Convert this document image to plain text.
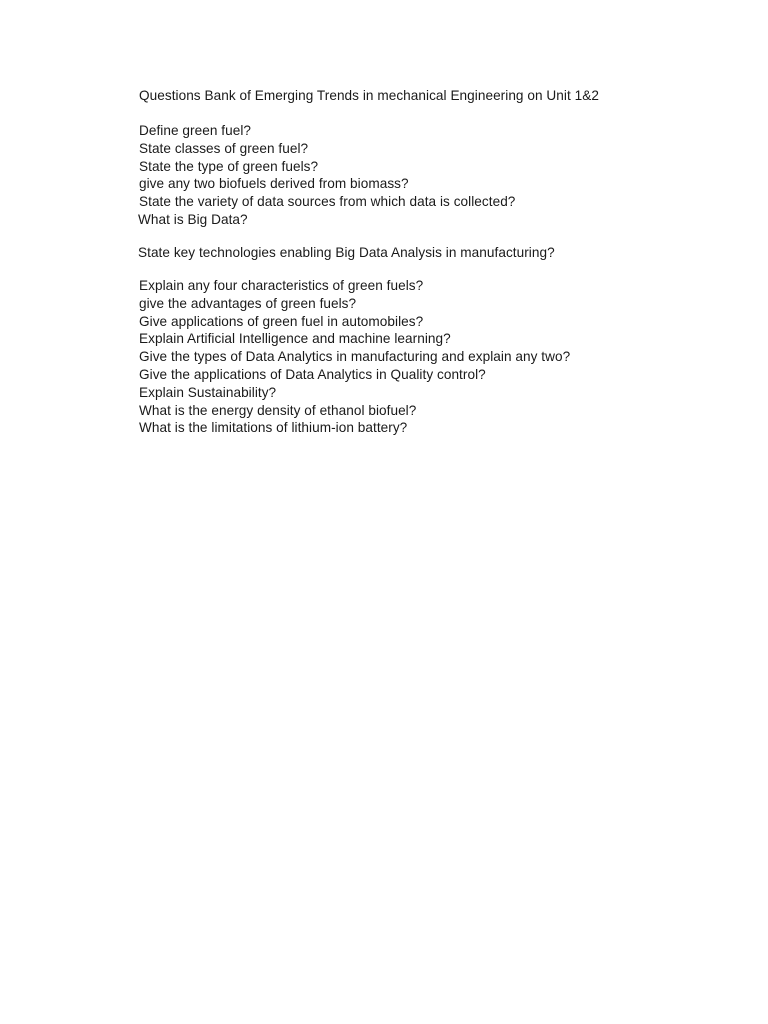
Questions Bank of Emerging Trends in mechanical Engineering on Unit 1&2
Define green fuel?
State classes of green fuel?
State the type of green fuels?
give any two biofuels derived from biomass?
State the variety of data sources from which data is collected?
What is Big Data?
State key technologies enabling Big Data Analysis in manufacturing?
Explain any four characteristics of green fuels?
give the advantages of green fuels?
Give applications of green fuel in automobiles?
Explain Artificial Intelligence and machine learning?
Give the types of Data Analytics in manufacturing and explain any two?
Give the applications of Data Analytics in Quality control?
Explain Sustainability?
What is the energy density of ethanol biofuel?
What is the limitations of lithium-ion battery?
